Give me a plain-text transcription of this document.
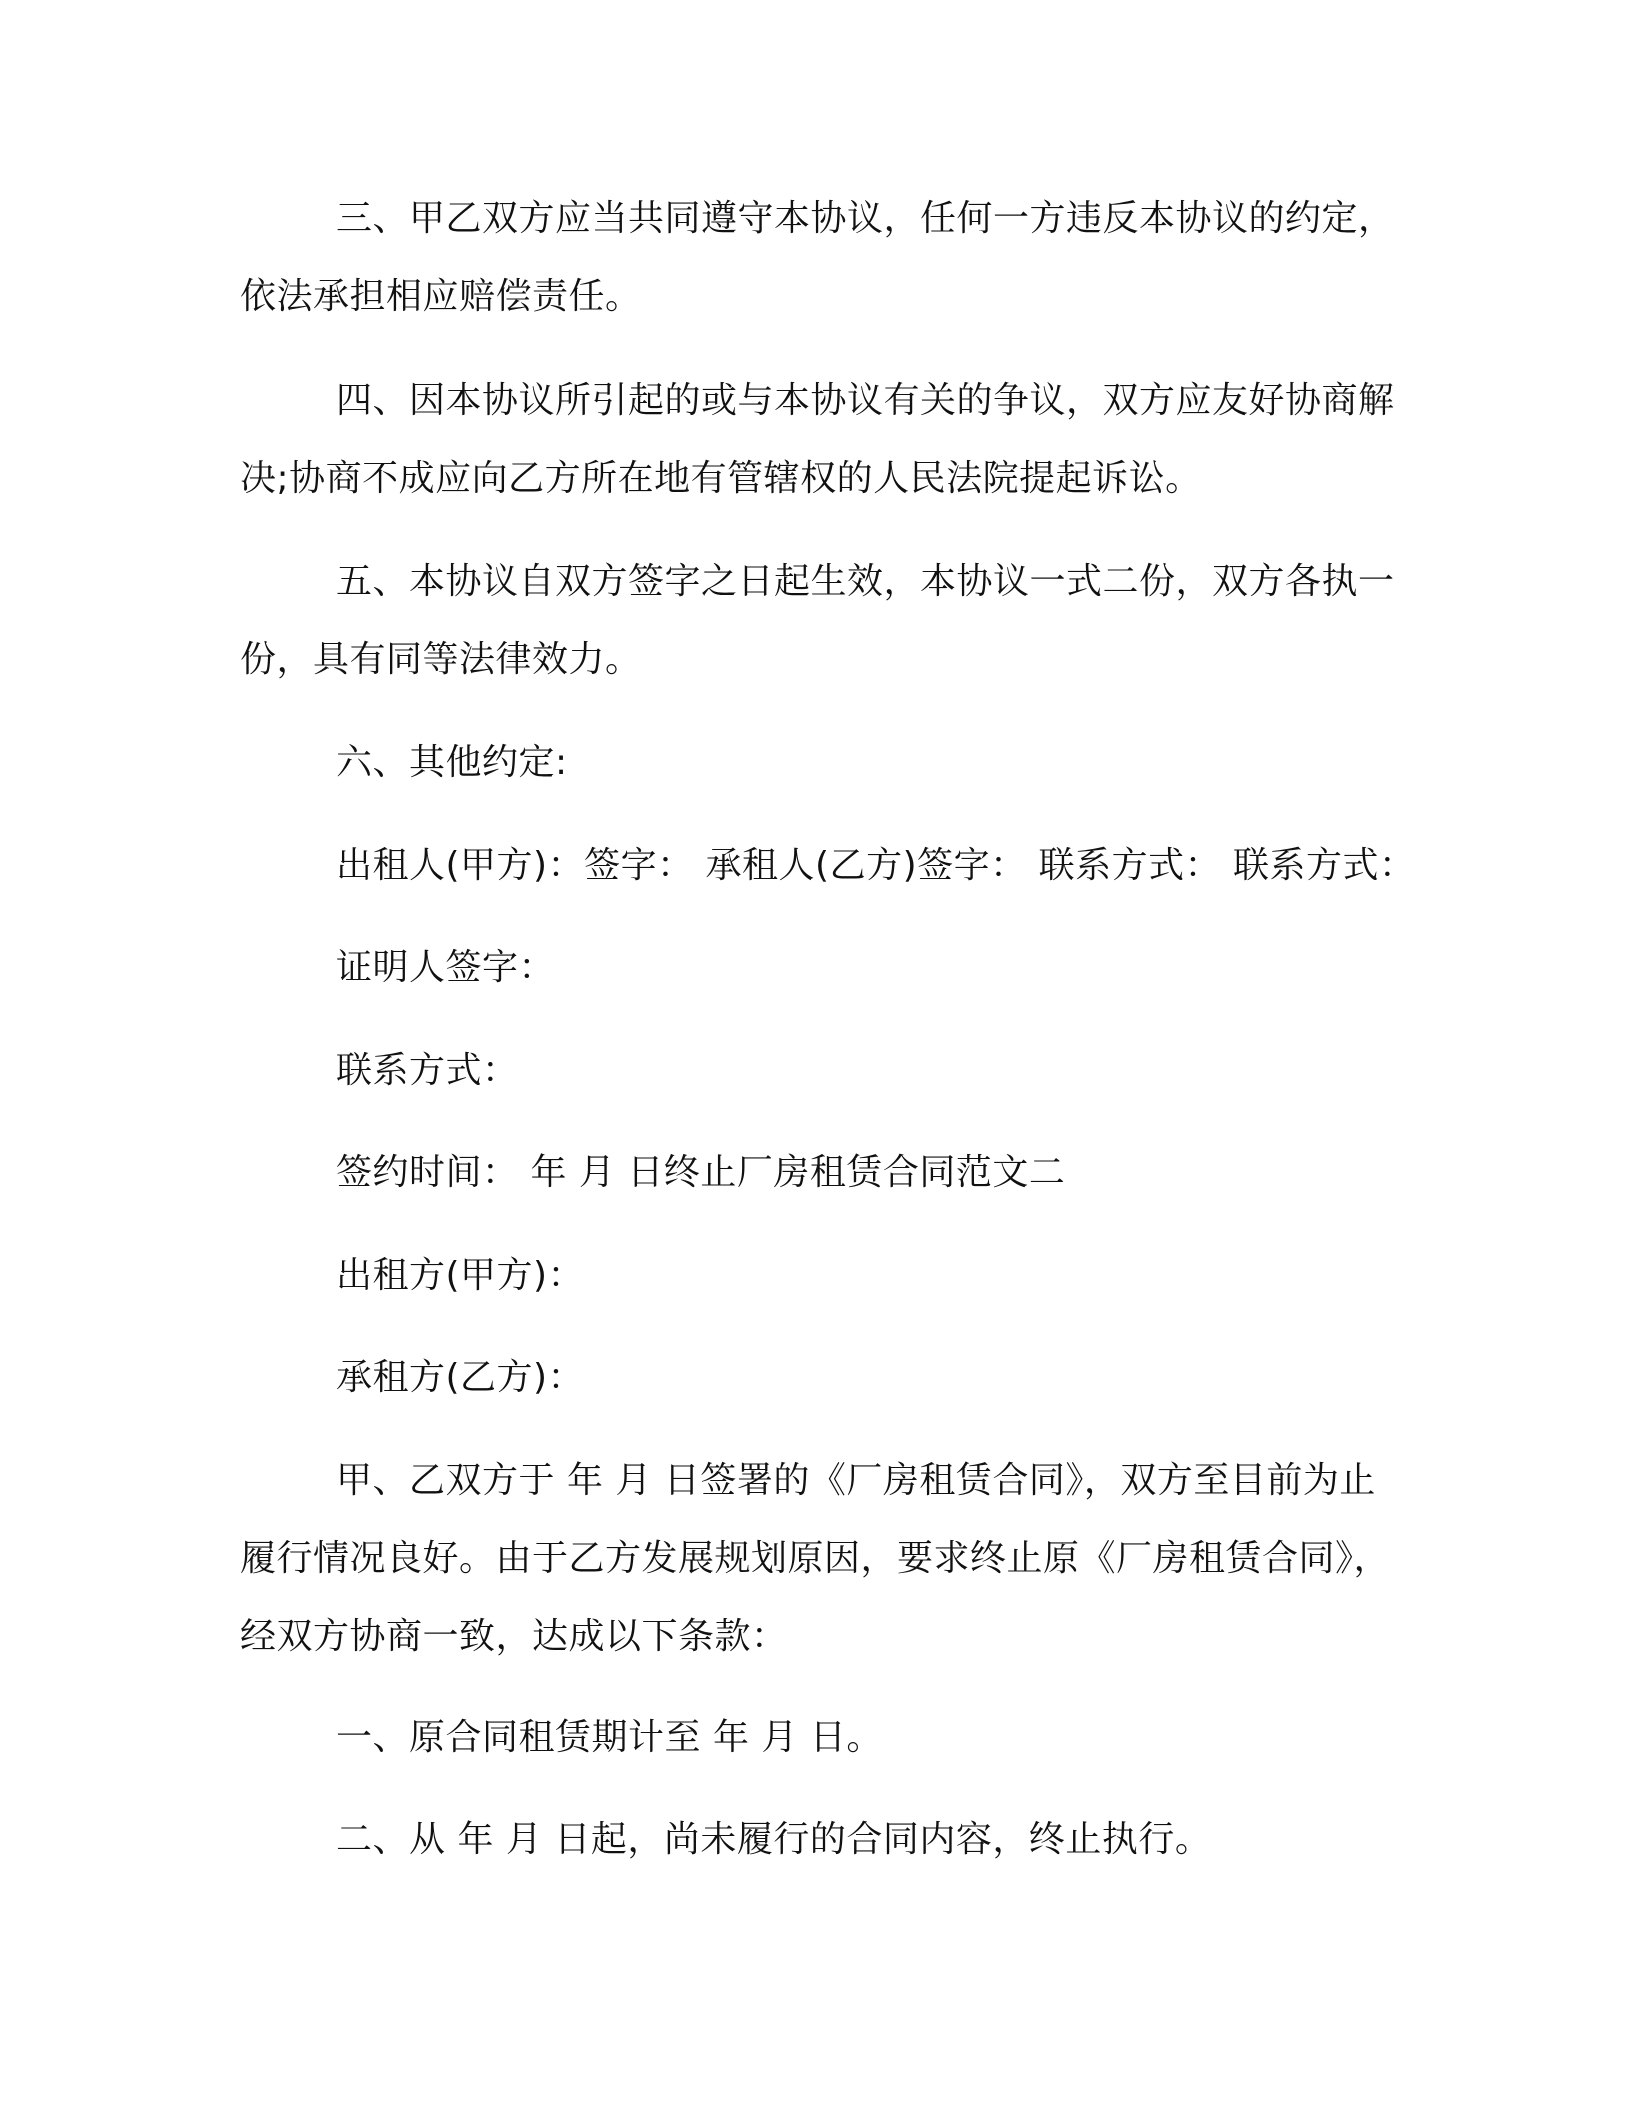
三、甲乙双方应当共同遵守本协议，任何一方违反本协议的约定，依法承担相应赔偿责任。

四、因本协议所引起的或与本协议有关的争议，双方应友好协商解决;协商不成应向乙方所在地有管辖权的人民法院提起诉讼。

五、本协议自双方签字之日起生效，本协议一式二份，双方各执一份，具有同等法律效力。

六、其他约定:

出租人(甲方)：签字： 承租人(乙方)签字： 联系方式： 联系方式：

证明人签字：

联系方式：

签约时间： 年 月 日终止厂房租赁合同范文二

出租方(甲方)：

承租方(乙方)：

甲、乙双方于 年 月 日签署的《厂房租赁合同》，双方至目前为止履行情况良好。由于乙方发展规划原因，要求终止原《厂房租赁合同》，经双方协商一致，达成以下条款：

一、原合同租赁期计至 年 月 日。

二、从 年 月 日起，尚未履行的合同内容，终止执行。
